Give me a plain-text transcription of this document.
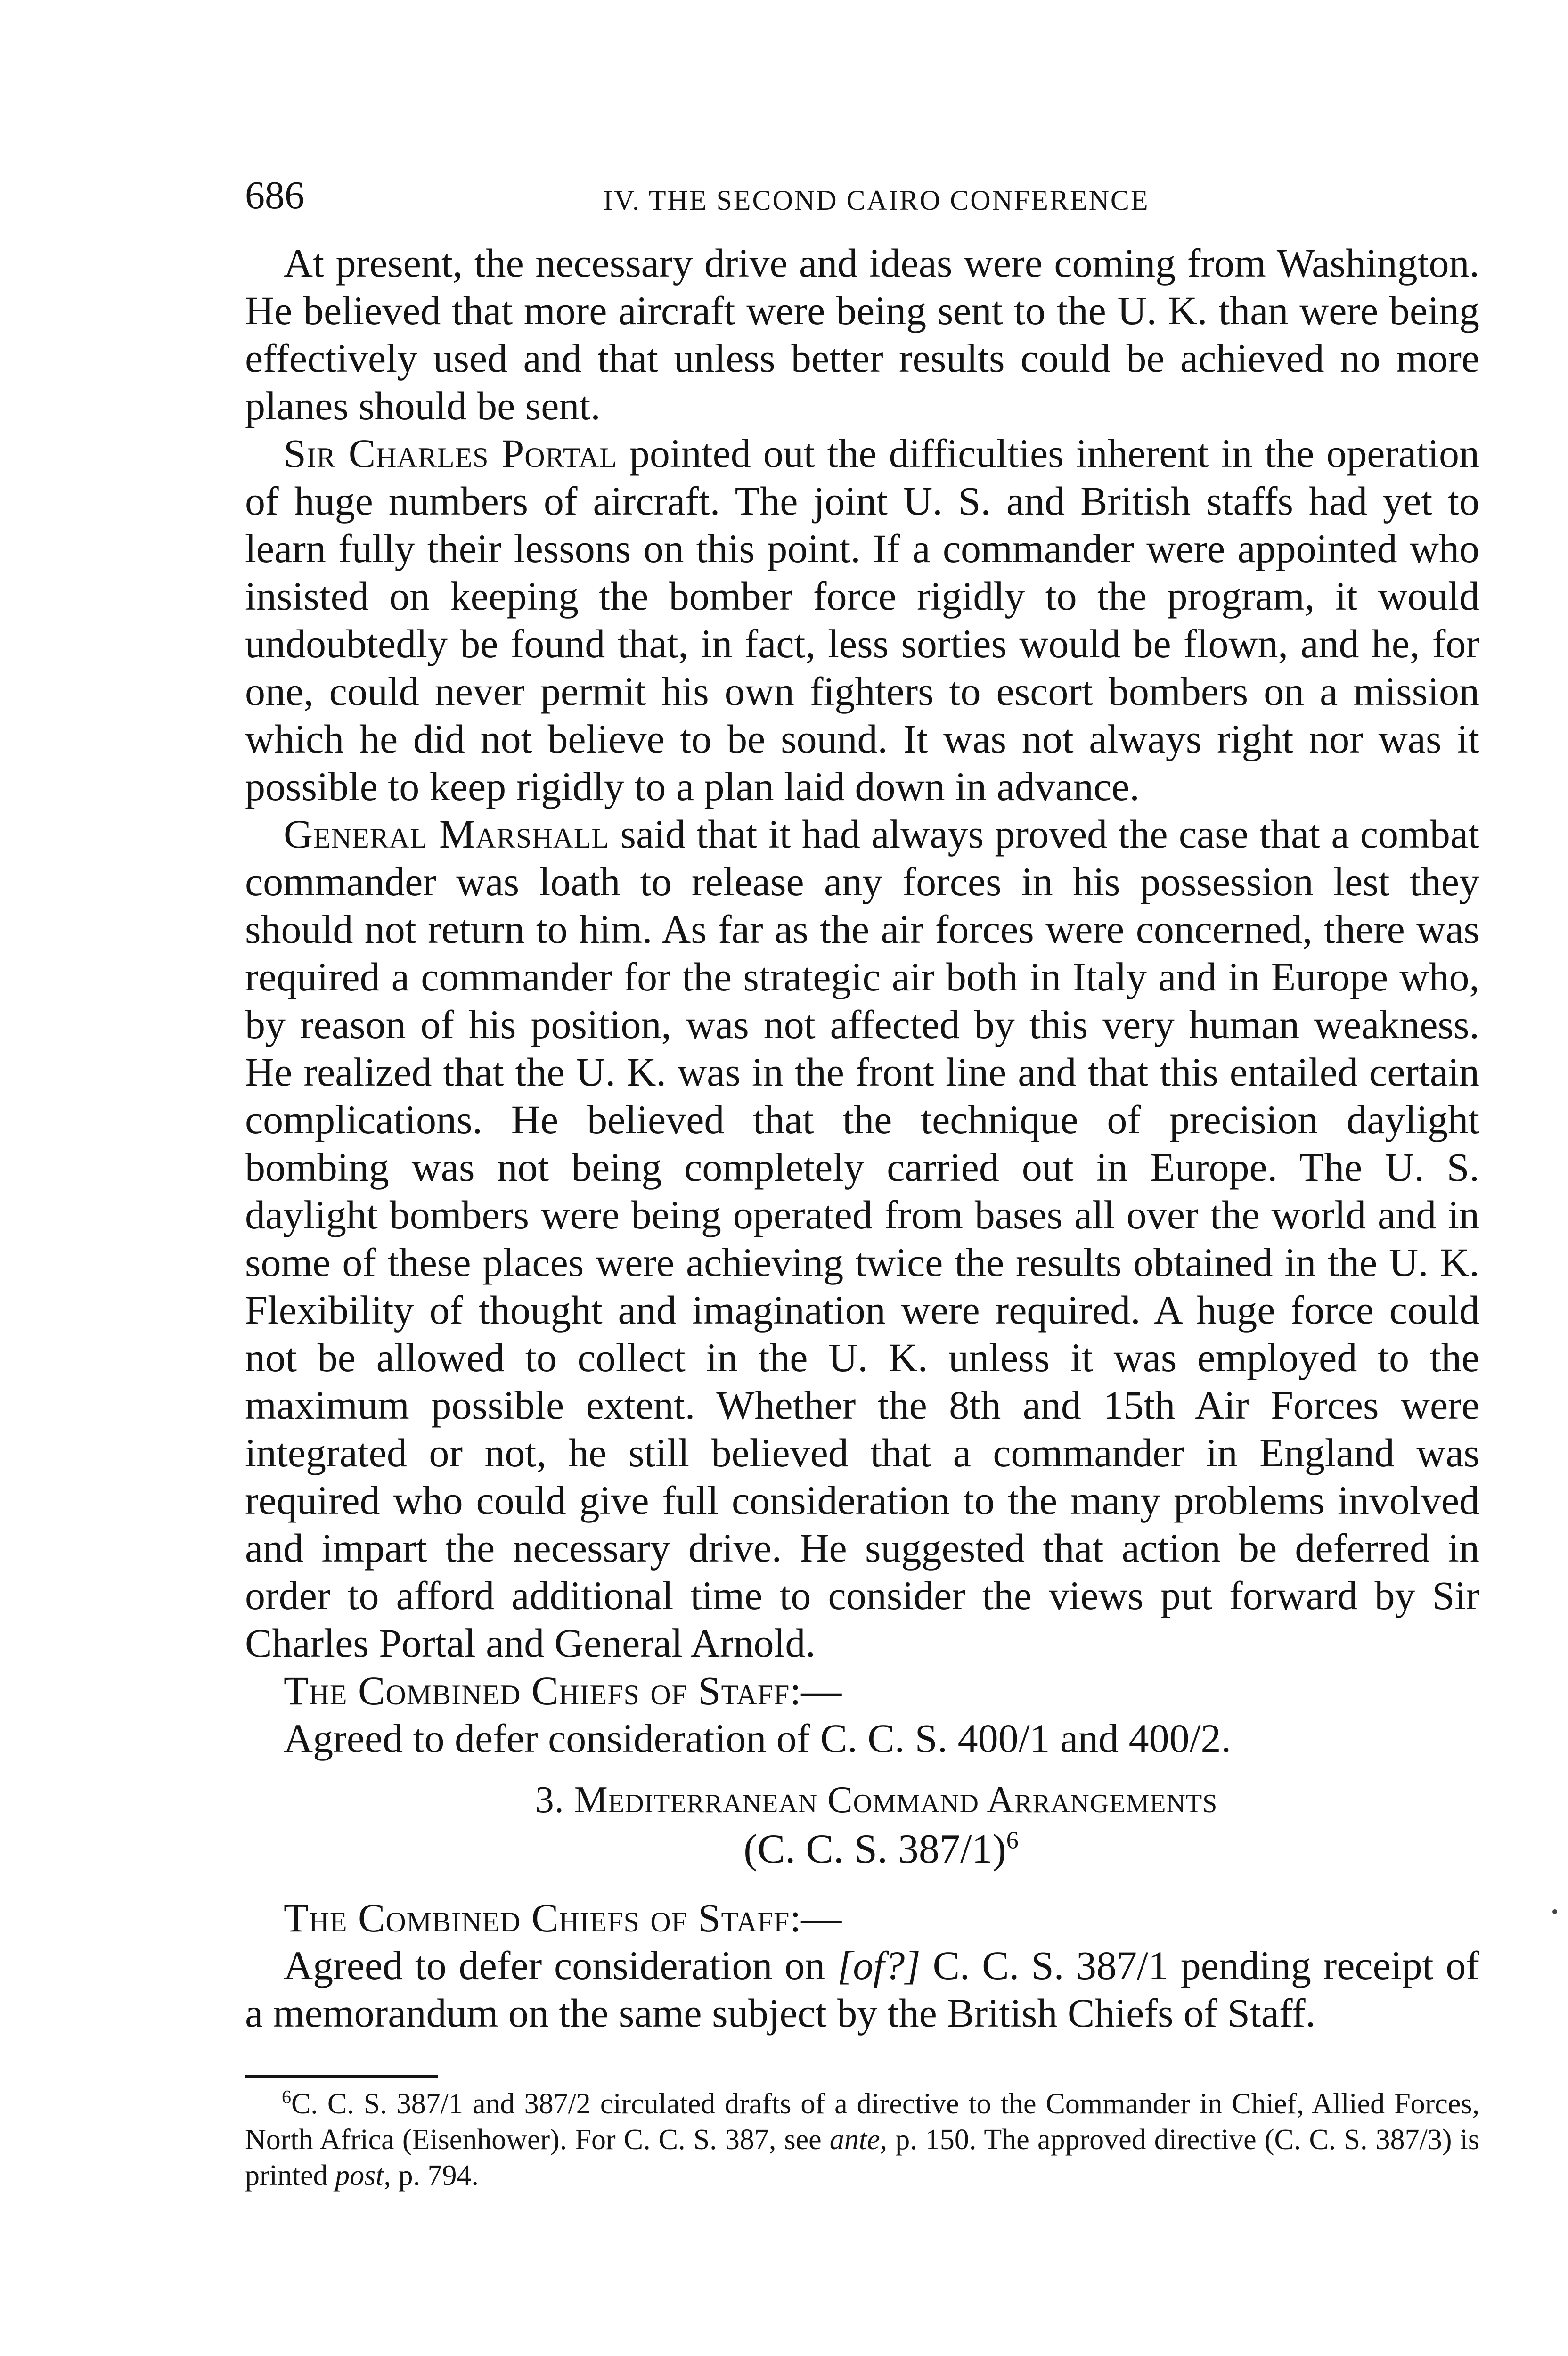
686	IV. THE SECOND CAIRO CONFERENCE

At present, the necessary drive and ideas were coming from Washington. He believed that more aircraft were being sent to the U. K. than were being effectively used and that unless better results could be achieved no more planes should be sent.

Sir Charles Portal pointed out the difficulties inherent in the operation of huge numbers of aircraft. The joint U. S. and British staffs had yet to learn fully their lessons on this point. If a commander were appointed who insisted on keeping the bomber force rigidly to the program, it would undoubtedly be found that, in fact, less sorties would be flown, and he, for one, could never permit his own fighters to escort bombers on a mission which he did not believe to be sound. It was not always right nor was it possible to keep rigidly to a plan laid down in advance.

General Marshall said that it had always proved the case that a combat commander was loath to release any forces in his possession lest they should not return to him. As far as the air forces were concerned, there was required a commander for the strategic air both in Italy and in Europe who, by reason of his position, was not affected by this very human weakness. He realized that the U. K. was in the front line and that this entailed certain complications. He believed that the technique of precision daylight bombing was not being completely carried out in Europe. The U. S. daylight bombers were being operated from bases all over the world and in some of these places were achieving twice the results obtained in the U. K. Flexibility of thought and imagination were required. A huge force could not be allowed to collect in the U. K. unless it was employed to the maximum possible extent. Whether the 8th and 15th Air Forces were integrated or not, he still believed that a commander in England was required who could give full consideration to the many problems involved and impart the necessary drive. He suggested that action be deferred in order to afford additional time to consider the views put forward by Sir Charles Portal and General Arnold.

The Combined Chiefs of Staff:—

Agreed to defer consideration of C. C. S. 400/1 and 400/2.

3. Mediterranean Command Arrangements
(C. C. S. 387/1)$^6$

The Combined Chiefs of Staff:—

Agreed to defer consideration on [of?] C. C. S. 387/1 pending receipt of a memorandum on the same subject by the British Chiefs of Staff.

$^6$C. C. S. 387/1 and 387/2 circulated drafts of a directive to the Commander in Chief, Allied Forces, North Africa (Eisenhower). For C. C. S. 387, see ante, p. 150. The approved directive (C. C. S. 387/3) is printed post, p. 794.
